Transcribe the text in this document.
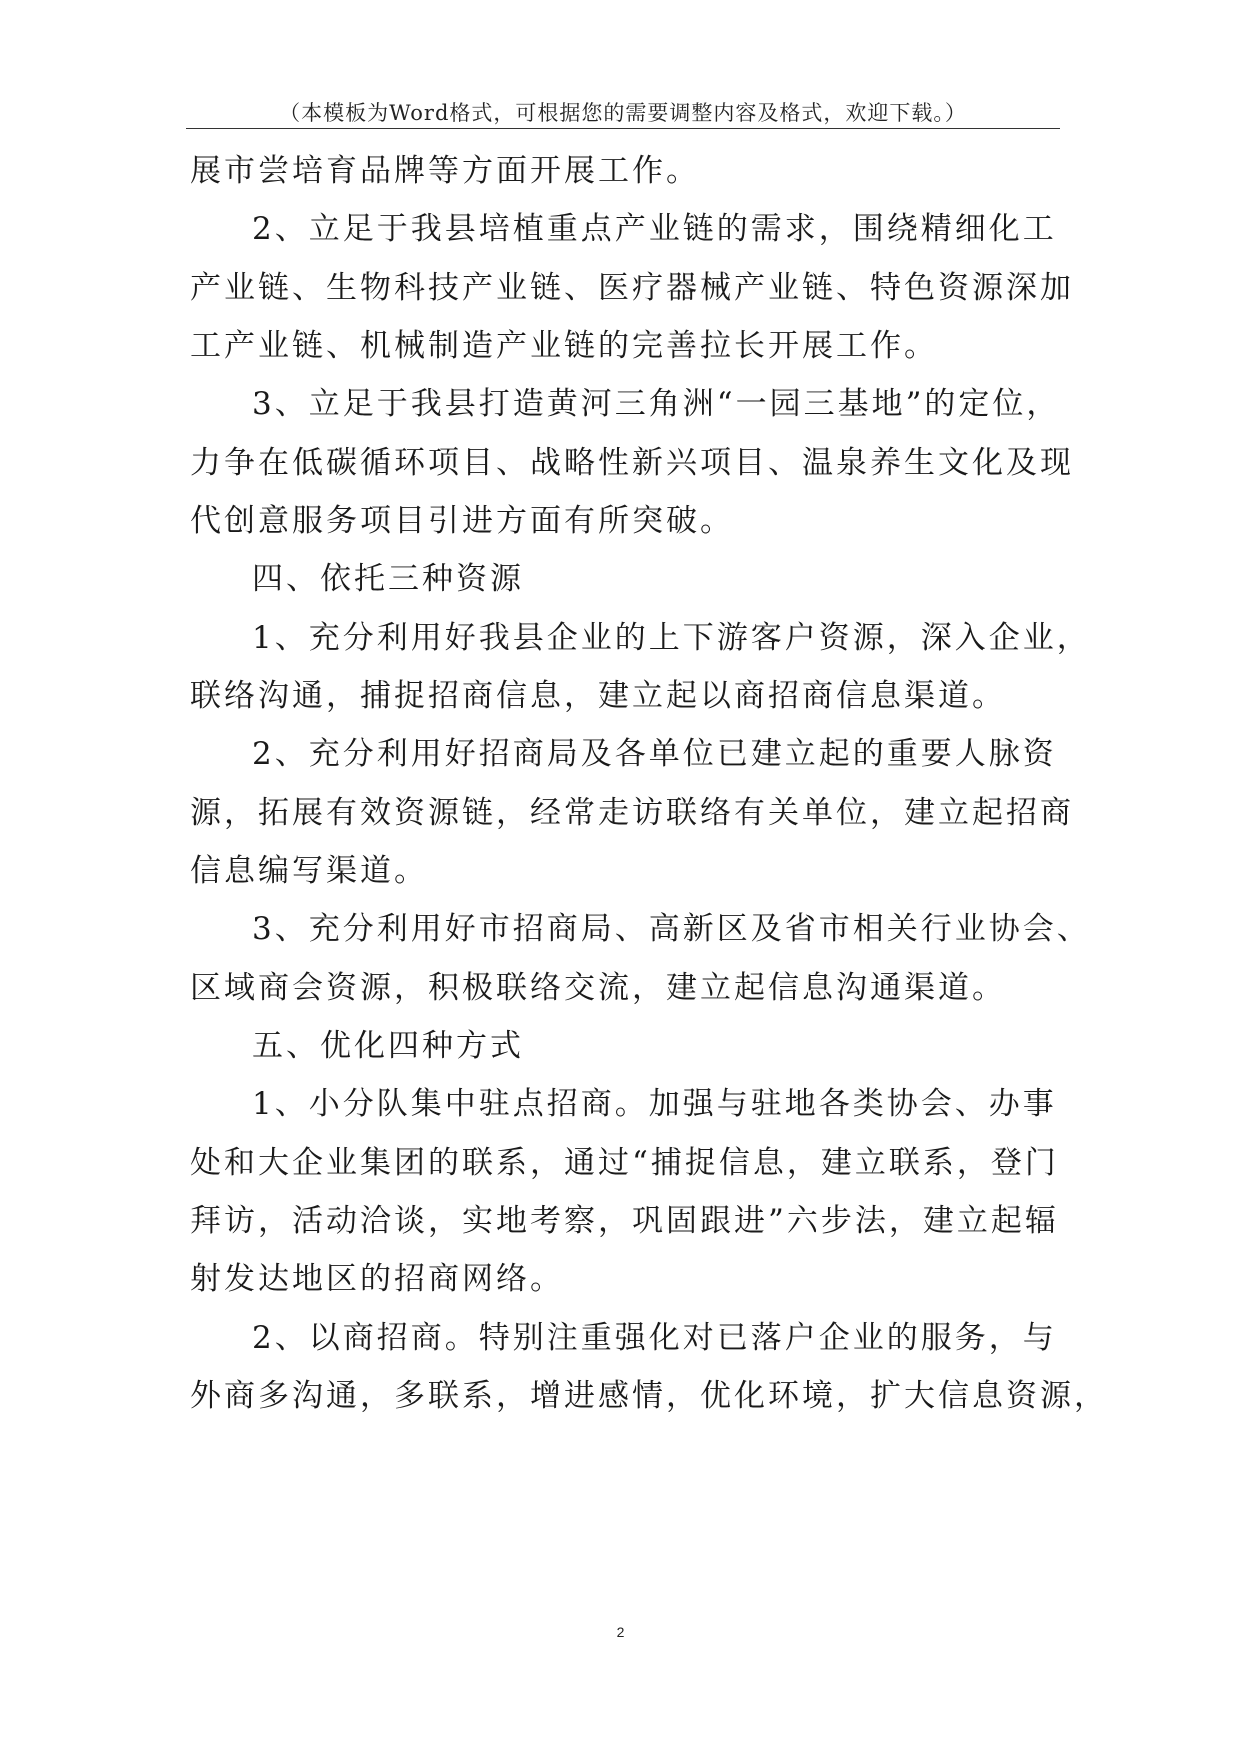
（本模板为Word格式，可根据您的需要调整内容及格式，欢迎下载。）
展市尝培育品牌等方面开展工作。
2、立足于我县培植重点产业链的需求，围绕精细化工
产业链、生物科技产业链、医疗器械产业链、特色资源深加
工产业链、机械制造产业链的完善拉长开展工作。
3、立足于我县打造黄河三角洲“一园三基地”的定位，
力争在低碳循环项目、战略性新兴项目、温泉养生文化及现
代创意服务项目引进方面有所突破。
四、依托三种资源
1、充分利用好我县企业的上下游客户资源，深入企业，
联络沟通，捕捉招商信息，建立起以商招商信息渠道。
2、充分利用好招商局及各单位已建立起的重要人脉资
源，拓展有效资源链，经常走访联络有关单位，建立起招商
信息编写渠道。
3、充分利用好市招商局、高新区及省市相关行业协会、
区域商会资源，积极联络交流，建立起信息沟通渠道。
五、优化四种方式
1、小分队集中驻点招商。加强与驻地各类协会、办事
处和大企业集团的联系，通过“捕捉信息，建立联系，登门
拜访，活动洽谈，实地考察，巩固跟进”六步法，建立起辐
射发达地区的招商网络。
2、以商招商。特别注重强化对已落户企业的服务，与
外商多沟通，多联系，增进感情，优化环境，扩大信息资源，
2
